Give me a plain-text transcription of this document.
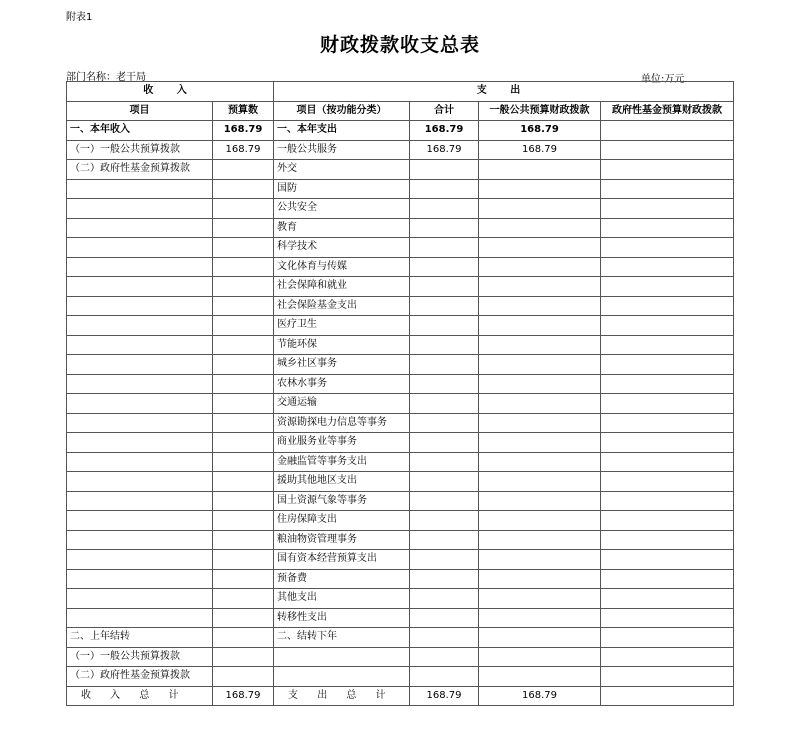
附表1
财政拨款收支总表
部门名称：老干局	单位:万元
收 入		支 出			
项目	预算数	项目（按功能分类）	合计	一般公共预算财政拨款	政府性基金预算财政拨款
一、本年收入	168.79	一、本年支出	168.79	168.79	
（一）一般公共预算拨款	168.79	一般公共服务	168.79	168.79	
（二）政府性基金预算拨款		外交			
		国防			
		公共安全			
		教育			
		科学技术			
		文化体育与传媒			
		社会保障和就业			
		社会保险基金支出			
		医疗卫生			
		节能环保			
		城乡社区事务			
		农林水事务			
		交通运输			
		资源勘探电力信息等事务			
		商业服务业等事务			
		金融监管等事务支出			
		援助其他地区支出			
		国土资源气象等事务			
		住房保障支出			
		粮油物资管理事务			
		国有资本经营预算支出			
		预备费			
		其他支出			
		转移性支出			
二、上年结转		二、结转下年			
（一）一般公共预算拨款					
（二）政府性基金预算拨款					
收 入 总 计	168.79	支 出 总 计	168.79	168.79	
